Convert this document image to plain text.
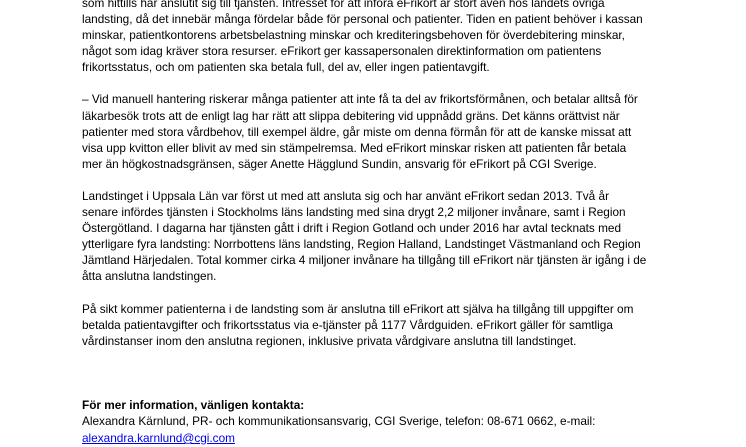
som hittills har anslutit sig till tjänsten. Intresset för att införa eFrikort är stort även hos landets övriga
landsting, då det innebär många fördelar både för personal och patienter. Tiden en patient behöver i kassan
minskar, patientkontorens arbetsbelastning minskar och krediteringsbehoven för överdebitering minskar,
något som idag kräver stora resurser. eFrikort ger kassapersonalen direktinformation om patientens
frikortsstatus, och om patienten ska betala full, del av, eller ingen patientavgift.
– Vid manuell hantering riskerar många patienter att inte få ta del av frikortsförmånen, och betalar alltså för
läkarbesök trots att de enligt lag har rätt att slippa debitering vid uppnådd gräns. Det känns orättvist när
patienter med stora vårdbehov, till exempel äldre, går miste om denna förmån för att de kanske missat att
visa upp kvitton eller blivit av med sin stämpelremsa. Med eFrikort minskar risken att patienten får betala
mer än högkostnadsgränsen, säger Anette Hägglund Sundin, ansvarig för eFrikort på CGI Sverige.
Landstinget i Uppsala Län var först ut med att ansluta sig och har använt eFrikort sedan 2013. Två år
senare infördes tjänsten i Stockholms läns landsting med sina drygt 2,2 miljoner invånare, samt i Region
Östergötland. I dagarna har tjänsten gått i drift i Region Gotland och under 2016 har avtal tecknats med
ytterligare fyra landsting: Norrbottens läns landsting, Region Halland, Landstinget Västmanland och Region
Jämtland Härjedalen. Total kommer cirka 4 miljoner invånare ha tillgång till eFrikort när tjänsten är igång i de
åtta anslutna landstingen.
På sikt kommer patienterna i de landsting som är anslutna till eFrikort att själva ha tillgång till uppgifter om
betalda patientavgifter och frikortsstatus via e-tjänster på 1177 Vårdguiden. eFrikort gäller för samtliga
vårdinstanser inom den anslutna regionen, inklusive privata vårdgivare anslutna till landstinget.
För mer information, vänligen kontakta:
Alexandra Kärnlund, PR- och kommunikationsansvarig, CGI Sverige, telefon: 08-671 0662, e-mail:
alexandra.karnlund@cgi.com
